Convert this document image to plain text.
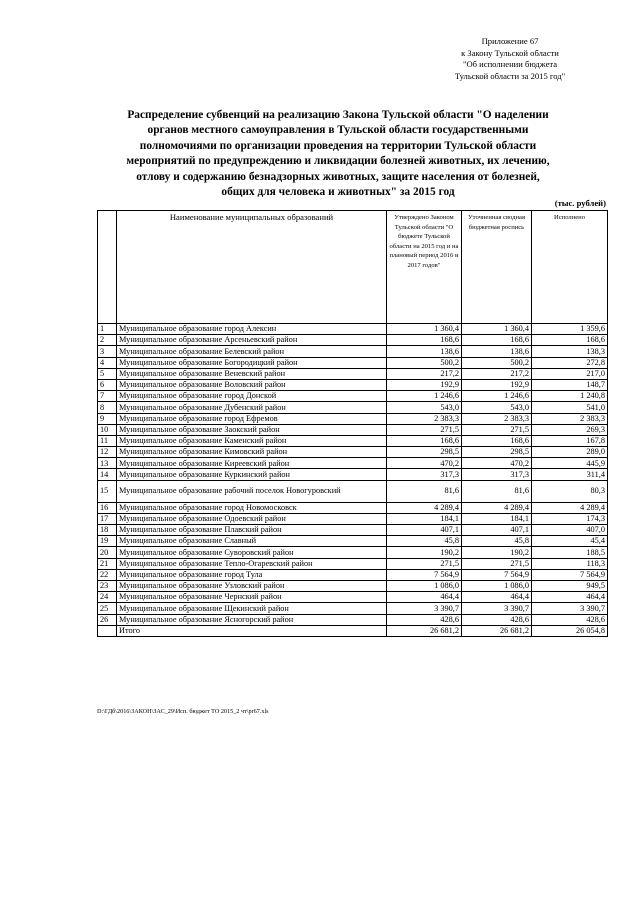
Приложение 67
к Закону Тульской области
"Об исполнении бюджета
Тульской области за 2015 год"
Распределение субвенций на реализацию Закона Тульской области "О наделении
органов местного самоуправления в Тульской области государственными
полномочиями по организации проведения на территории Тульской области
мероприятий по предупреждению и ликвидации болезней животных, их лечению,
отлову и содержанию безнадзорных животных, защите населения от болезней,
общих для человека и животных" за 2015 год
(тыс. рублей)
	Наименование муниципальных образований	Утверждено Законом Тульской области "О бюджете Тульской области на 2015 год и на плановый период 2016 и 2017 годов"	Уточненная сводная бюджетная роспись	Исполнено
1	Муниципальное образование город Алексин	1 360,4	1 360,4	1 359,6
2	Муниципальное образование Арсеньевский район	168,6	168,6	168,6
3	Муниципальное образование Белевский район	138,6	138,6	138,3
4	Муниципальное образование Богородицкий район	500,2	500,2	272,8
5	Муниципальное образование Веневский район	217,2	217,2	217,0
6	Муниципальное образование Воловский район	192,9	192,9	148,7
7	Муниципальное образование город Донской	1 246,6	1 246,6	1 240,8
8	Муниципальное образование Дубенский район	543,0	543,0	541,0
9	Муниципальное образование город Ефремов	2 383,3	2 383,3	2 383,3
10	Муниципальное образование Заокский район	271,5	271,5	269,3
11	Муниципальное образование Каменский район	168,6	168,6	167,8
12	Муниципальное образование Кимовский район	298,5	298,5	289,0
13	Муниципальное образование Киреевский район	470,2	470,2	445,9
14	Муниципальное образование Куркинский район	317,3	317,3	311,4
15	Муниципальное образование рабочий поселок Новогуровский	81,6	81,6	80,3
16	Муниципальное образование город Новомосковск	4 289,4	4 289,4	4 289,4
17	Муниципальное образование Одоевский район	184,1	184,1	174,3
18	Муниципальное образование Плавский район	407,1	407,1	407,0
19	Муниципальное образование Славный	45,8	45,8	45,4
20	Муниципальное образование Суворовский район	190,2	190,2	188,5
21	Муниципальное образование Тепло-Огаревский район	271,5	271,5	118,3
22	Муниципальное образование город Тула	7 564,9	7 564,9	7 564,9
23	Муниципальное образование Узловский район	1 086,0	1 086,0	949,5
24	Муниципальное образование Чернский район	464,4	464,4	464,4
25	Муниципальное образование Щекинский район	3 390,7	3 390,7	3 390,7
26	Муниципальное образование Ясногорский район	428,6	428,6	428,6
	Итого	26 681,2	26 681,2	26 054,8
D:\ГДб\2016\ЗАКОН\ЗАС_29\Исп. бюджет ТО 2015_2 чт\pr67.xls
